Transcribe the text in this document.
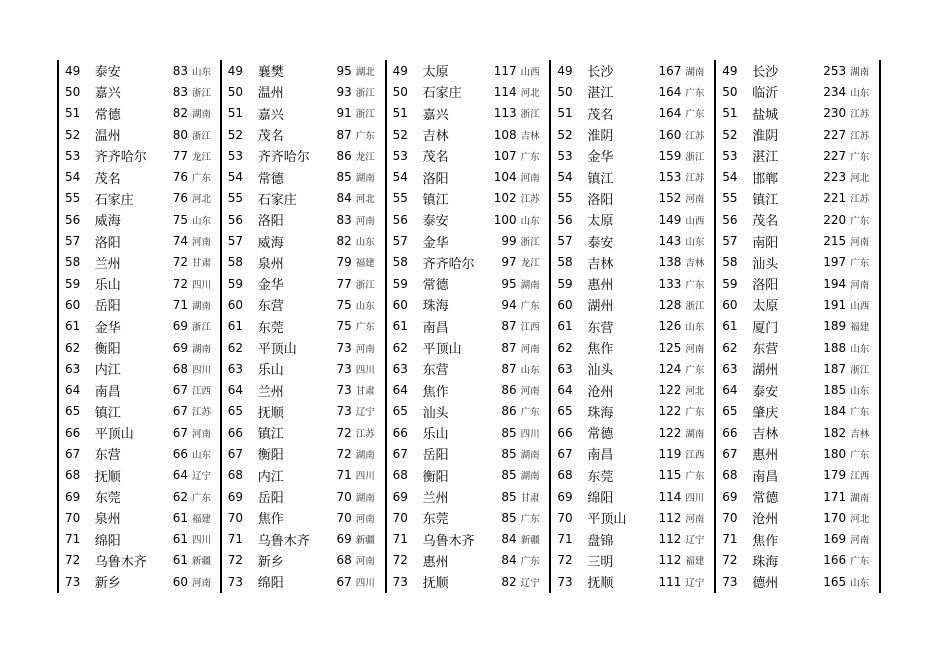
49	泰安	83 山东
50	嘉兴	83 浙江
51	常德	82 湖南
52	温州	80 浙江
53	齐齐哈尔	77 龙江
54	茂名	76 广东
55	石家庄	76 河北
56	威海	75 山东
57	洛阳	74 河南
58	兰州	72 甘肃
59	乐山	72 四川
60	岳阳	71 湖南
61	金华	69 浙江
62	衡阳	69 湖南
63	内江	68 四川
64	南昌	67 江西
65	镇江	67 江苏
66	平顶山	67 河南
67	东营	66 山东
68	抚顺	64 辽宁
69	东莞	62 广东
70	泉州	61 福建
71	绵阳	61 四川
72	乌鲁木齐	61 新疆
73	新乡	60 河南
49	襄樊	95 湖北
50	温州	93 浙江
51	嘉兴	91 浙江
52	茂名	87 广东
53	齐齐哈尔	86 龙江
54	常德	85 湖南
55	石家庄	84 河北
56	洛阳	83 河南
57	威海	82 山东
58	泉州	79 福建
59	金华	77 浙江
60	东营	75 山东
61	东莞	75 广东
62	平顶山	73 河南
63	乐山	73 四川
64	兰州	73 甘肃
65	抚顺	73 辽宁
66	镇江	72 江苏
67	衡阳	72 湖南
68	内江	71 四川
69	岳阳	70 湖南
70	焦作	70 河南
71	乌鲁木齐	69 新疆
72	新乡	68 河南
73	绵阳	67 四川
49	太原	117 山西
50	石家庄	114 河北
51	嘉兴	113 浙江
52	吉林	108 吉林
53	茂名	107 广东
54	洛阳	104 河南
55	镇江	102 江苏
56	泰安	100 山东
57	金华	99 浙江
58	齐齐哈尔	97 龙江
59	常德	95 湖南
60	珠海	94 广东
61	南昌	87 江西
62	平顶山	87 河南
63	东营	87 山东
64	焦作	86 河南
65	汕头	86 广东
66	乐山	85 四川
67	岳阳	85 湖南
68	衡阳	85 湖南
69	兰州	85 甘肃
70	东莞	85 广东
71	乌鲁木齐	84 新疆
72	惠州	84 广东
73	抚顺	82 辽宁
49	长沙	167 湖南
50	湛江	164 广东
51	茂名	164 广东
52	淮阴	160 江苏
53	金华	159 浙江
54	镇江	153 江苏
55	洛阳	152 河南
56	太原	149 山西
57	泰安	143 山东
58	吉林	138 吉林
59	惠州	133 广东
60	湖州	128 浙江
61	东营	126 山东
62	焦作	125 河南
63	汕头	124 广东
64	沧州	122 河北
65	珠海	122 广东
66	常德	122 湖南
67	南昌	119 江西
68	东莞	115 广东
69	绵阳	114 四川
70	平顶山	112 河南
71	盘锦	112 辽宁
72	三明	112 福建
73	抚顺	111 辽宁
49	长沙	253 湖南
50	临沂	234 山东
51	盐城	230 江苏
52	淮阴	227 江苏
53	湛江	227 广东
54	邯郸	223 河北
55	镇江	221 江苏
56	茂名	220 广东
57	南阳	215 河南
58	汕头	197 广东
59	洛阳	194 河南
60	太原	191 山西
61	厦门	189 福建
62	东营	188 山东
63	湖州	187 浙江
64	泰安	185 山东
65	肇庆	184 广东
66	吉林	182 吉林
67	惠州	180 广东
68	南昌	179 江西
69	常德	171 湖南
70	沧州	170 河北
71	焦作	169 河南
72	珠海	166 广东
73	德州	165 山东
